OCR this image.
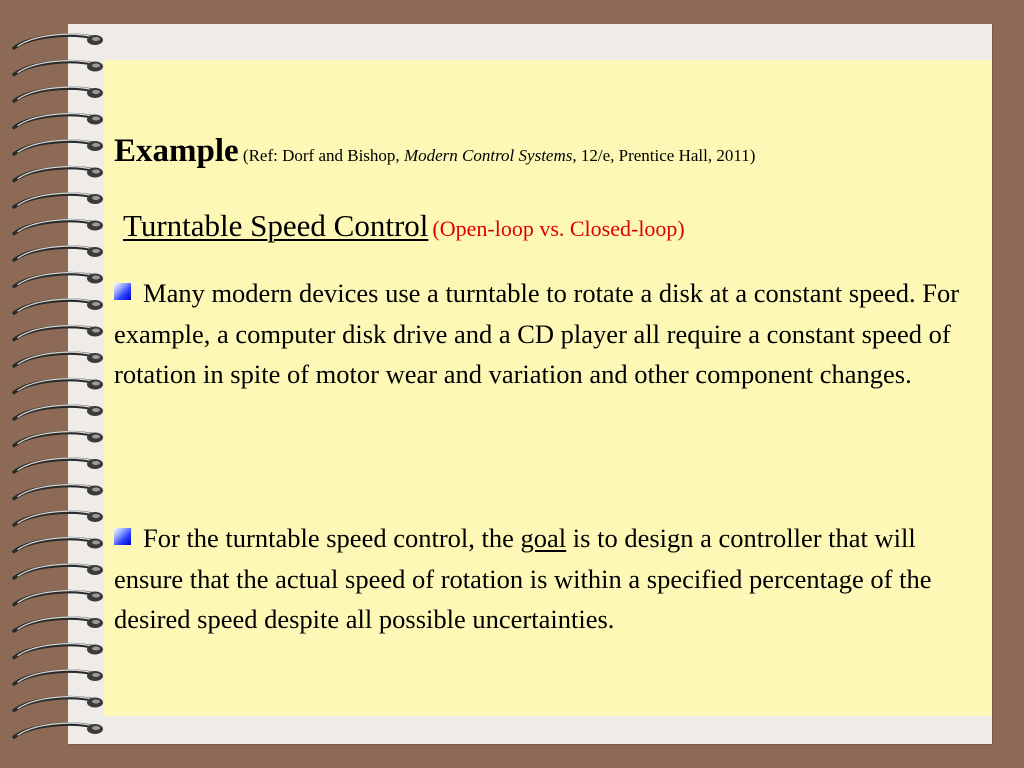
Example (Ref: Dorf and Bishop, Modern Control Systems, 12/e, Prentice Hall, 2011)
Turntable Speed Control (Open-loop vs. Closed-loop)
Many modern devices use a turntable to rotate a disk at a constant speed. For example, a computer disk drive and a CD player all require a constant speed of rotation in spite of motor wear and variation and other component changes.
For the turntable speed control, the goal is to design a controller that will ensure that the actual speed of rotation is within a specified percentage of the desired speed despite all possible uncertainties.
